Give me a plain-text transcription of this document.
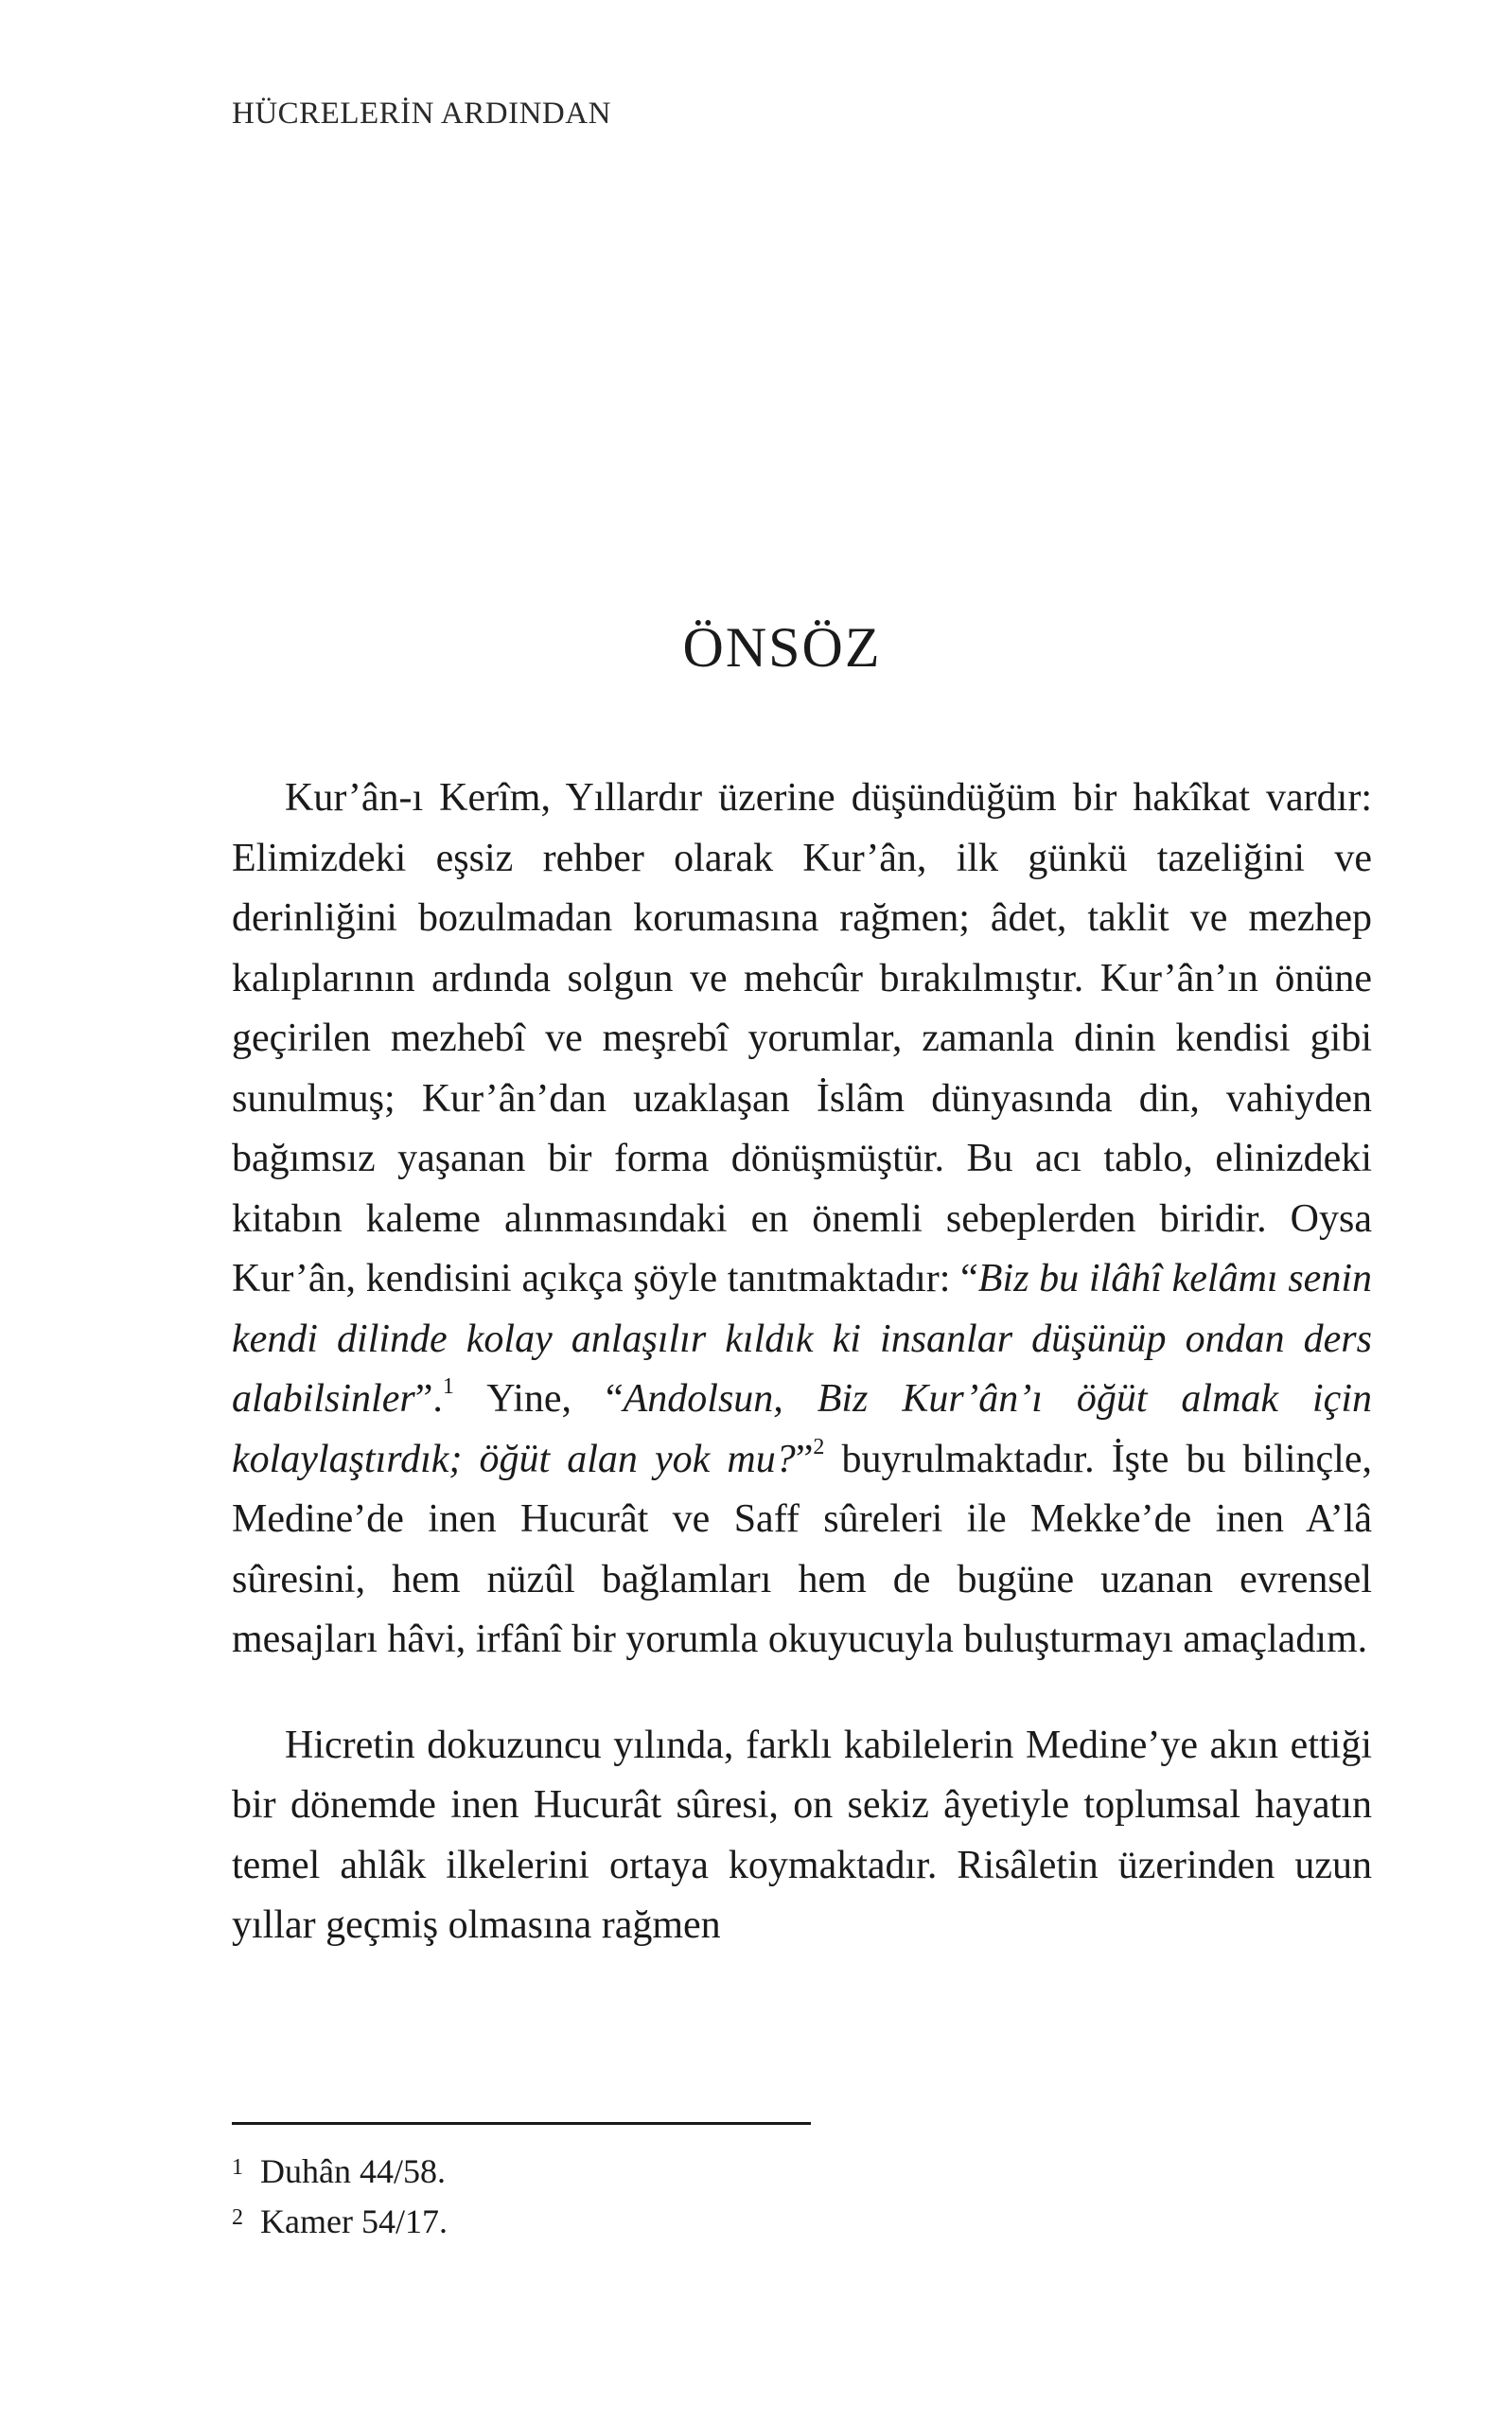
HÜCRELERİN ARDINDAN
ÖNSÖZ

Kur’ân-ı Kerîm, Yıllardır üzerine düşündüğüm bir hakîkat vardır: Elimizdeki eşsiz rehber olarak Kur’ân, ilk günkü tazeliğini ve derinliğini bozulmadan korumasına rağmen; âdet, taklit ve mezhep kalıplarının ardında solgun ve mehcûr bırakılmıştır. Kur’ân’ın önüne geçirilen mezhebî ve meşrebî yorumlar, zamanla dinin kendisi gibi sunulmuş; Kur’ân’dan uzaklaşan İslâm dünyasında din, vahiyden bağımsız yaşanan bir forma dönüşmüştür. Bu acı tablo, elinizdeki kitabın kaleme alınmasındaki en önemli sebeplerden biridir. Oysa Kur’ân, kendisini açıkça şöyle tanıtmaktadır: “Biz bu ilâhî kelâmı senin kendi dilinde kolay anlaşılır kıldık ki insanlar düşünüp ondan ders alabilsinler”.$^1$ Yine, “Andolsun, Biz Kur’ân’ı öğüt almak için kolaylaştırdık; öğüt alan yok mu?”$^2$ buyrulmaktadır. İşte bu bilinçle, Medine’de inen Hucurât ve Saff sûreleri ile Mekke’de inen A’lâ sûresini, hem nüzûl bağlamları hem de bugüne uzanan evrensel mesajları hâvi, irfânî bir yorumla okuyucuyla buluşturmayı amaçladım.

Hicretin dokuzuncu yılında, farklı kabilelerin Medine’ye akın ettiği bir dönemde inen Hucurât sûresi, on sekiz âyetiyle toplumsal hayatın temel ahlâk ilkelerini ortaya koymaktadır. Risâletin üzerinden uzun yıllar geçmiş olmasına rağmen

1 Duhân 44/58.
2 Kamer 54/17.
